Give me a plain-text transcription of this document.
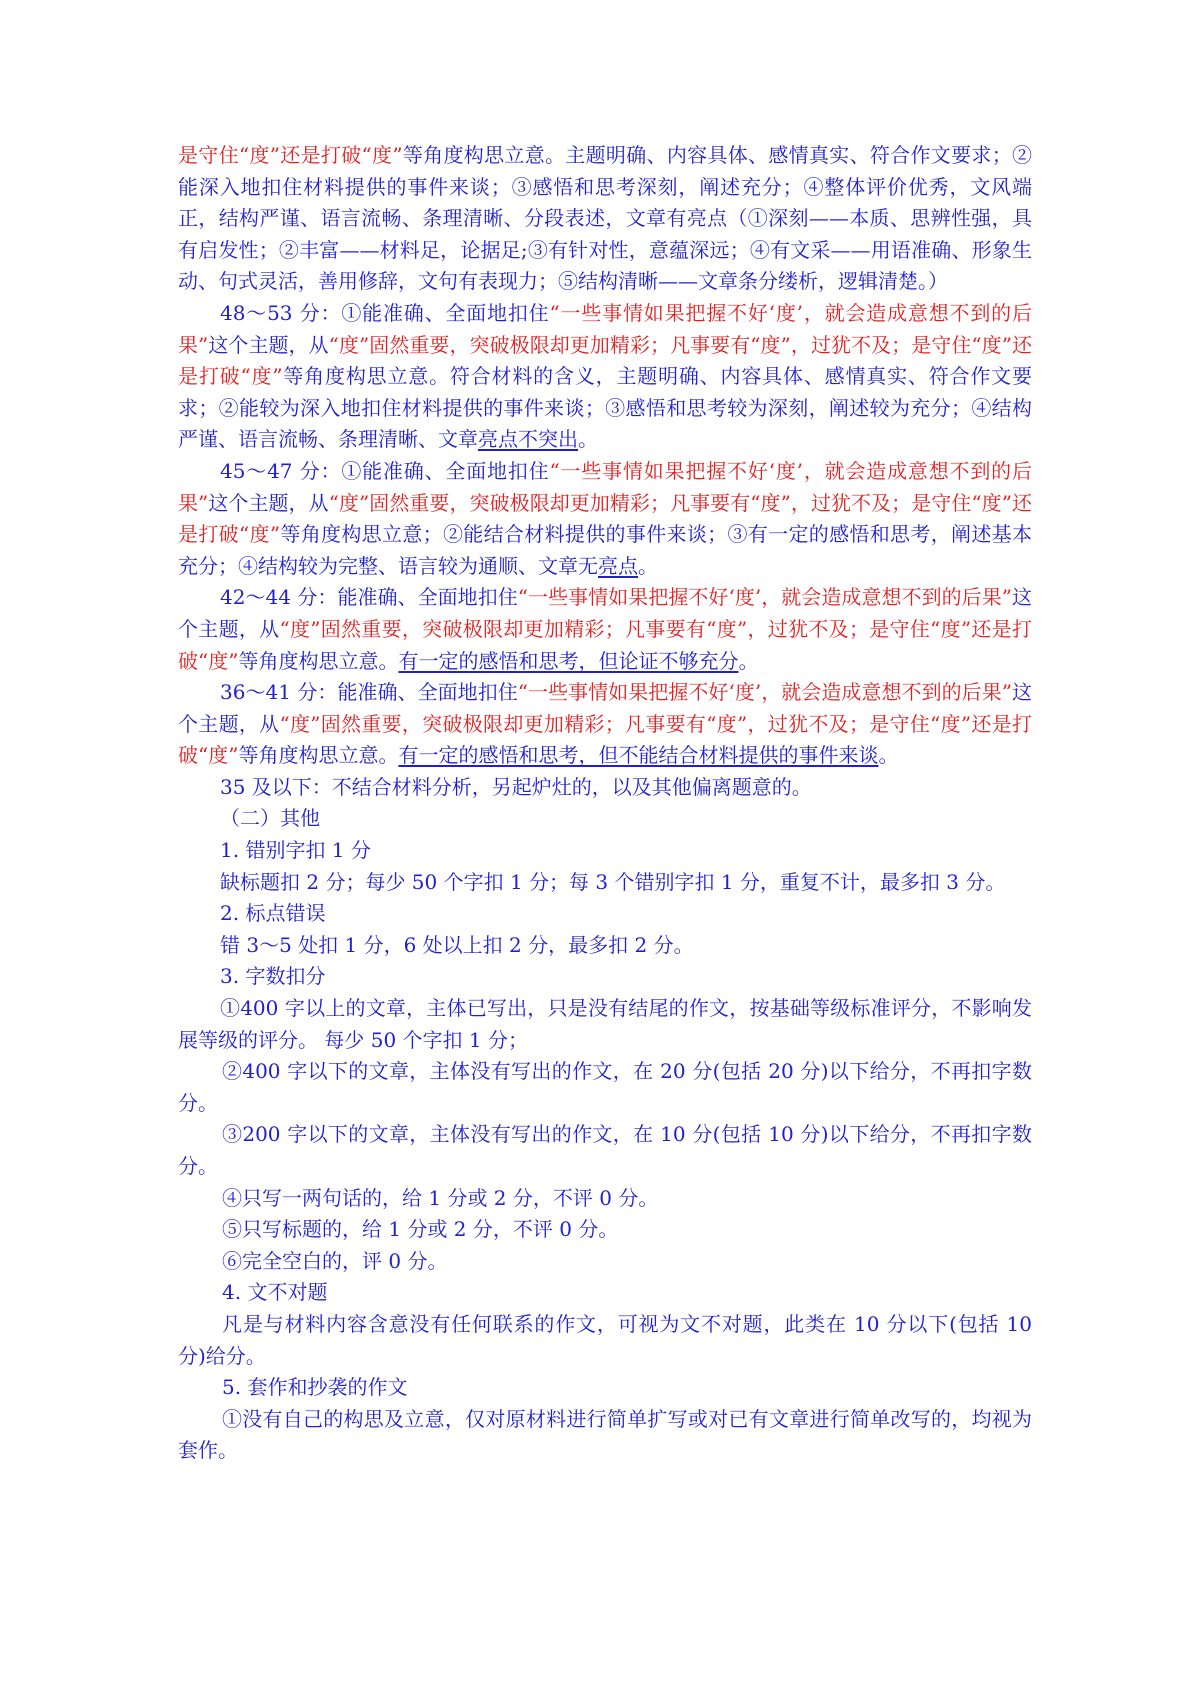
是守住“度”还是打破“度”等角度构思立意。主题明确、内容具体、感情真实、符合作文要求；②能深入地扣住材料提供的事件来谈；③感悟和思考深刻，阐述充分；④整体评价优秀，文风端正，结构严谨、语言流畅、条理清晰、分段表述，文章有亮点（①深刻——本质、思辨性强，具有启发性；②丰富——材料足，论据足;③有针对性，意蕴深远；④有文采——用语准确、形象生动、句式灵活，善用修辞，文句有表现力；⑤结构清晰——文章条分缕析，逻辑清楚。）

48～53 分：①能准确、全面地扣住“一些事情如果把握不好‘度’，就会造成意想不到的后果”这个主题，从“度”固然重要，突破极限却更加精彩；凡事要有“度”，过犹不及；是守住“度”还是打破“度”等角度构思立意。符合材料的含义，主题明确、内容具体、感情真实、符合作文要求；②能较为深入地扣住材料提供的事件来谈；③感悟和思考较为深刻，阐述较为充分；④结构严谨、语言流畅、条理清晰、文章亮点不突出。

45～47 分：①能准确、全面地扣住“一些事情如果把握不好‘度’，就会造成意想不到的后果”这个主题，从“度”固然重要，突破极限却更加精彩；凡事要有“度”，过犹不及；是守住“度”还是打破“度”等角度构思立意；②能结合材料提供的事件来谈；③有一定的感悟和思考，阐述基本充分；④结构较为完整、语言较为通顺、文章无亮点。

42～44 分：能准确、全面地扣住“一些事情如果把握不好‘度’，就会造成意想不到的后果”这个主题，从“度”固然重要，突破极限却更加精彩；凡事要有“度”，过犹不及；是守住“度”还是打破“度”等角度构思立意。有一定的感悟和思考，但论证不够充分。

36～41 分：能准确、全面地扣住“一些事情如果把握不好‘度’，就会造成意想不到的后果”这个主题，从“度”固然重要，突破极限却更加精彩；凡事要有“度”，过犹不及；是守住“度”还是打破“度”等角度构思立意。有一定的感悟和思考，但不能结合材料提供的事件来谈。

35 及以下：不结合材料分析，另起炉灶的，以及其他偏离题意的。

（二）其他

1. 错别字扣 1 分

缺标题扣 2 分；每少 50 个字扣 1 分；每 3 个错别字扣 1 分，重复不计，最多扣 3 分。

2. 标点错误

错 3～5 处扣 1 分，6 处以上扣 2 分，最多扣 2 分。

3. 字数扣分

①400 字以上的文章，主体已写出，只是没有结尾的作文，按基础等级标准评分，不影响发展等级的评分。 每少 50 个字扣 1 分；

②400 字以下的文章，主体没有写出的作文，在 20 分(包括 20 分)以下给分，不再扣字数分。

③200 字以下的文章，主体没有写出的作文，在 10 分(包括 10 分)以下给分，不再扣字数分。

④只写一两句话的，给 1 分或 2 分，不评 0 分。

⑤只写标题的，给 1 分或 2 分，不评 0 分。

⑥完全空白的，评 0 分。

4. 文不对题

凡是与材料内容含意没有任何联系的作文，可视为文不对题，此类在 10 分以下(包括 10 分)给分。

5. 套作和抄袭的作文

①没有自己的构思及立意，仅对原材料进行简单扩写或对已有文章进行简单改写的，均视为套作。
